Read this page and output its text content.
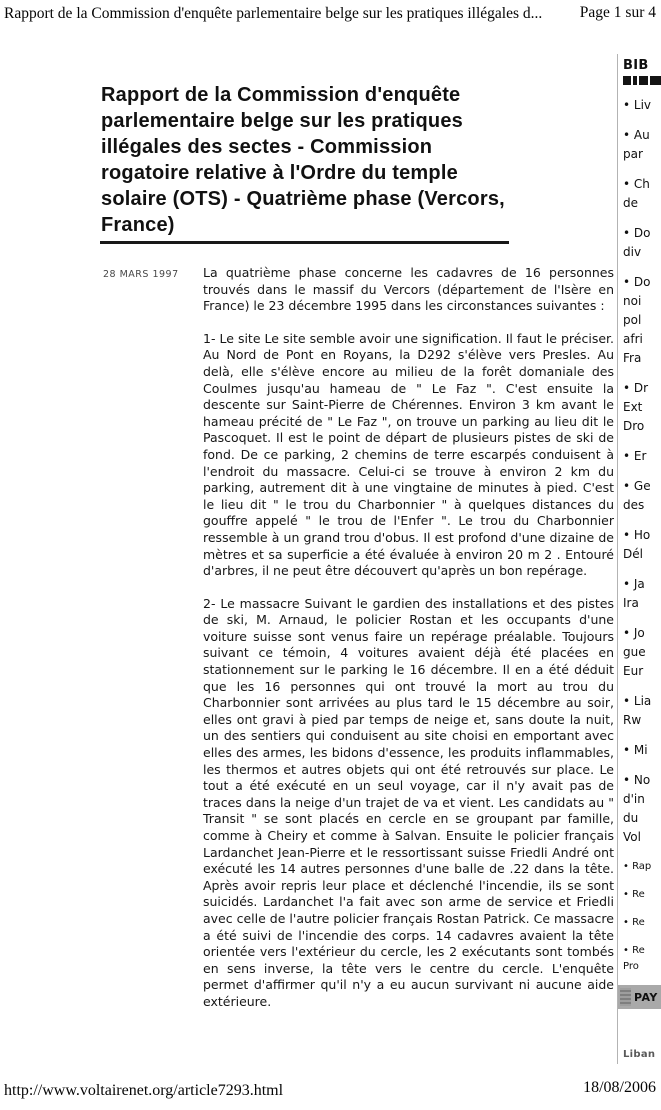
Rapport de la Commission d'enquête parlementaire belge sur les pratiques illégales d... Page 1 sur 4
Rapport de la Commission d'enquête
parlementaire belge sur les pratiques
illégales des sectes - Commission
rogatoire relative à l'Ordre du temple
solaire (OTS) - Quatrième phase (Vercors,
France)
28 MARS 1997 La quatrième phase concerne les cadavres de 16 personnes trouvés dans le massif du Vercors (département de l'Isère en France) le 23 décembre 1995 dans les circonstances suivantes :

1- Le site Le site semble avoir une signification. Il faut le préciser. Au Nord de Pont en Royans, la D292 s'élève vers Presles. Au delà, elle s'élève encore au milieu de la forêt domaniale des Coulmes jusqu'au hameau de " Le Faz ". C'est ensuite la descente sur Saint-Pierre de Chérennes. Environ 3 km avant le hameau précité de " Le Faz ", on trouve un parking au lieu dit le Pascoquet. Il est le point de départ de plusieurs pistes de ski de fond. De ce parking, 2 chemins de terre escarpés conduisent à l'endroit du massacre. Celui-ci se trouve à environ 2 km du parking, autrement dit à une vingtaine de minutes à pied. C'est le lieu dit " le trou du Charbonnier " à quelques distances du gouffre appelé " le trou de l'Enfer ". Le trou du Charbonnier ressemble à un grand trou d'obus. Il est profond d'une dizaine de mètres et sa superficie a été évaluée à environ 20 m 2 . Entouré d'arbres, il ne peut être découvert qu'après un bon repérage.

2- Le massacre Suivant le gardien des installations et des pistes de ski, M. Arnaud, le policier Rostan et les occupants d'une voiture suisse sont venus faire un repérage préalable. Toujours suivant ce témoin, 4 voitures avaient déjà été placées en stationnement sur le parking le 16 décembre. Il en a été déduit que les 16 personnes qui ont trouvé la mort au trou du Charbonnier sont arrivées au plus tard le 15 décembre au soir, elles ont gravi à pied par temps de neige et, sans doute la nuit, un des sentiers qui conduisent au site choisi en emportant avec elles des armes, les bidons d'essence, les produits inflammables, les thermos et autres objets qui ont été retrouvés sur place. Le tout a été exécuté en un seul voyage, car il n'y avait pas de traces dans la neige d'un trajet de va et vient. Les candidats au " Transit " se sont placés en cercle en se groupant par famille, comme à Cheiry et comme à Salvan. Ensuite le policier français Lardanchet Jean-Pierre et le ressortissant suisse Friedli André ont exécuté les 14 autres personnes d'une balle de .22 dans la tête. Après avoir repris leur place et déclenché l'incendie, ils se sont suicidés. Lardanchet l'a fait avec son arme de service et Friedli avec celle de l'autre policier français Rostan Patrick. Ce massacre a été suivi de l'incendie des corps. 14 cadavres avaient la tête orientée vers l'extérieur du cercle, les 2 exécutants sont tombés en sens inverse, la tête vers le centre du cercle. L'enquête permet d'affirmer qu'il n'y a eu aucun survivant ni aucune aide extérieure.

BIB
• Liv
• Au
par
• Ch
de
• Do
div
• Do
noi
pol
afri
Fra
• Dr
Ext
Dro
• Er
• Ge
des
• Ho
Dél
• Ja
Ira
• Jo
gue
Eur
• Lia
Rw
• Mi
• No
d'in
du
Vol
• Rap
• Re
• Re
• Re
Pro
PAY
Liban
http://www.voltairenet.org/article7293.html	18/08/2006
